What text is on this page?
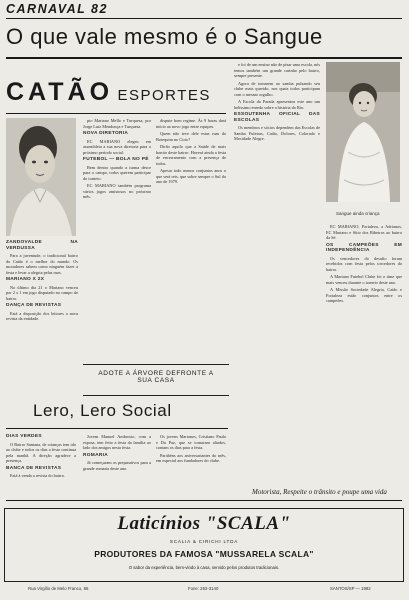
CARNAVAL 82
O que vale mesmo é o Sangue
CATÃO ESPORTES

ZANDOVALDE NA VERDUSSA

Para a juventude, o tradicional bairro do Catão é o melhor do mundo. Os moradores sabem como ninguém fazer a festa e levar a alegria pelas ruas.

MARIANO X 2X

No último dia 21 o Mariano venceu por 2 x 1 em jogo disputado no campo do bairro.

DANÇA DE REVISTAS

Está a disposição dos leitores a nova revista da entidade.

pio Mariano Mello e Turquesa, por Jorge Luiz Mendonça e Turquesa.

NOVA DIRETORIA

EC MARIANO elegeu em assembleia a sua nova diretoria para o próximo período social.

FUTEBOL — BOLA NO PÉ

Bem dentro quando a turma desce para o campo, todos querem participar do torneio.

EC MARIANO também programa vários jogos amistosos no próximo mês.

dispute bom regime. Ás 9 horas dará início ao novo jogo entre equipes.

Quem não teve dele estas ruas do Botequim no Cirio?

Dirão aquilo que a Saúde de mais bonito deste bairro. Haverá ainda a festa de encerramento com a presença de todos.

Apesar todo menos conjuntos anos o que será reis, que sobre sempre o Sul do ano de 1979.

e foi de um ensino não de pisar uma escola, nós temos também um grande carinho pelo bairro, sempre presente.

Agora de tomarem ao samba pulsando seu clube mais querido, nos quais todos participam com o mesmo orgulho.

A Escola da Parada apresentou este ano um belíssimo enredo sobre a história do Rio.

ESSOUTENHA OFICIAL DAS ESCOLAS

Os membros e sócios dependem das Escolas de Samba Fuleiras, Catão, Dolores, Colorado e Mocidade Alegre.

Sangue ainda criança

EC MARIANO, Fortaleza, a Adrianos, EC Mariano e Sítio dos Ribeiros ao bairro da Sé.

OS CAMPEÕES EM INDEPENDÊNCIA

Os vencedores do desafio foram recebidos com festa pelos torcedores do bairro.

A Mariano Futebol Clube foi o time que mais venceu durante o torneio deste ano.

A Missão Sociedade Alegria, Catão e Fortaleza estão conjuntos entre os campeões.

ADOTE A ÁRVORE DEFRONTE A SUA CASA
Lero, Lero Social

DIAS VERDES

O Bairro Santana, de crianças tem ido ao clube e todos os dias a festa continua pela manhã. A direção agradece a presença.

BANCA DE REVISTAS

Está à venda a revista do bairro.

Jovem Manuel Ambrosio, com a esposa, tem feito a festa da família ao lado dos amigos nesta festa.

ROMARIA

Já começaram os preparativos para a grande romaria deste ano.

Os jovens Marianos, Cristiano Paulo e Da Paz, que se tornaram aliados, contam os dias para a festa.

Parabéns aos aniversariantes do mês, em especial aos fundadores do clube.

Motorista, Respeite o trânsito e poupe uma vida
Laticínios "SCALA"
SCALIA & CIRICHI LTDA
PRODUTORES DA FAMOSA "MUSSARELA SCALA"
O sabor da experiência, bem-vindo à casa, servido pelos produtos tradicionais.
Rua Virgílio de Melo Franco, 86	Fone: 262-3140	SANTOS/SP — 1982
